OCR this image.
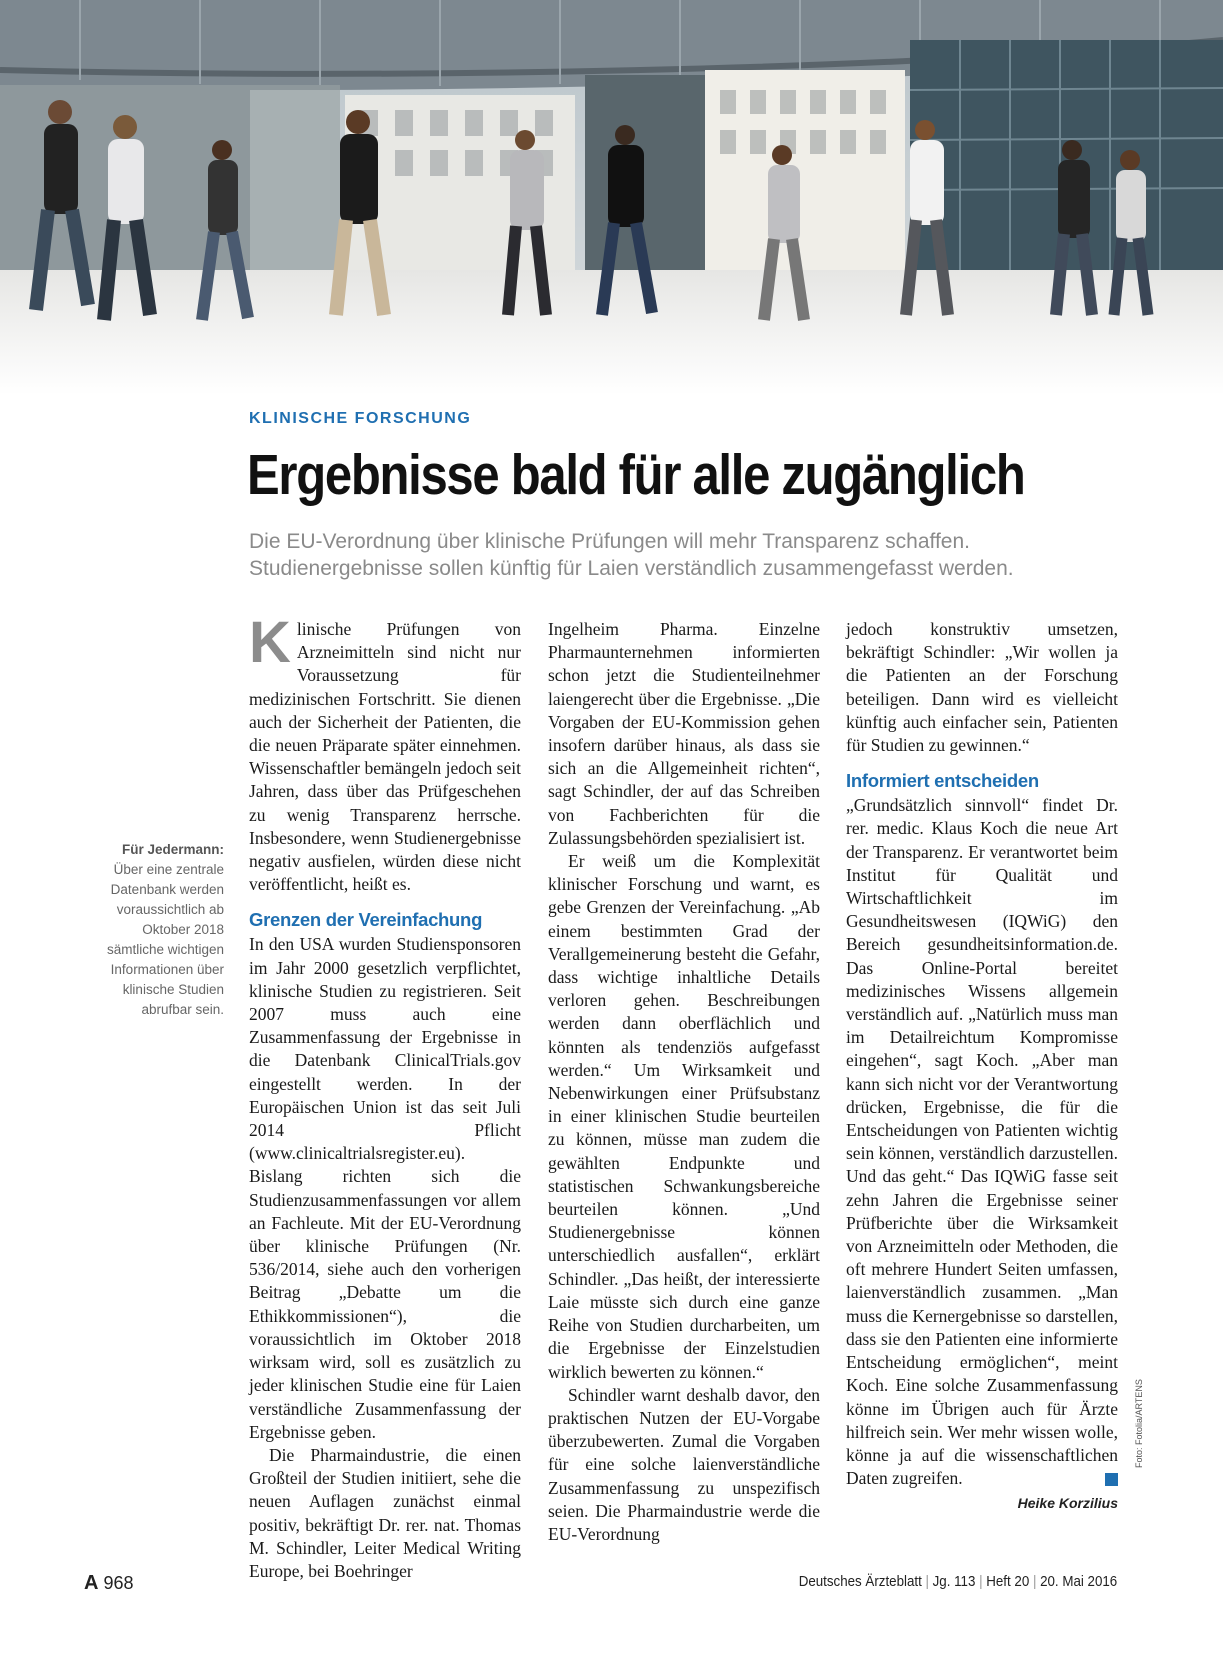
KLINISCHE FORSCHUNG
Ergebnisse bald für alle zugänglich
Die EU-Verordnung über klinische Prüfungen will mehr Transparenz schaffen.
Studienergebnisse sollen künftig für Laien verständlich zusammengefasst werden.
Für Jedermann: Über eine zentrale Datenbank werden voraussichtlich ab Oktober 2018 sämtliche wichtigen Informationen über klinische Studien abrufbar sein.

Klinische Prüfungen von Arzneimitteln sind nicht nur Voraussetzung für medizinischen Fortschritt. Sie dienen auch der Sicherheit der Patienten, die die neuen Präparate später einnehmen. Wissenschaftler bemängeln jedoch seit Jahren, dass über das Prüfgeschehen zu wenig Transparenz herrsche. Insbesondere, wenn Studienergebnisse negativ ausfielen, würden diese nicht veröffentlicht, heißt es.

Grenzen der Vereinfachung

In den USA wurden Studiensponsoren im Jahr 2000 gesetzlich verpflichtet, klinische Studien zu registrieren. Seit 2007 muss auch eine Zusammenfassung der Ergebnisse in die Datenbank ClinicalTrials.gov eingestellt werden. In der Europäischen Union ist das seit Juli 2014 Pflicht (www.clinicaltrialsregister.eu). Bislang richten sich die Studienzusammenfassungen vor allem an Fachleute. Mit der EU-Verordnung über klinische Prüfungen (Nr. 536/2014, siehe auch den vorherigen Beitrag „Debatte um die Ethikkommissionen“), die voraussichtlich im Oktober 2018 wirksam wird, soll es zusätzlich zu jeder klinischen Studie eine für Laien verständliche Zusammenfassung der Ergebnisse geben.

Die Pharmaindustrie, die einen Großteil der Studien initiiert, sehe die neuen Auflagen zunächst einmal positiv, bekräftigt Dr. rer. nat. Thomas M. Schindler, Leiter Medical Writing Europe, bei Boehringer

Ingelheim Pharma. Einzelne Pharmaunternehmen informierten schon jetzt die Studienteilnehmer laiengerecht über die Ergebnisse. „Die Vorgaben der EU-Kommission gehen insofern darüber hinaus, als dass sie sich an die Allgemeinheit richten“, sagt Schindler, der auf das Schreiben von Fachberichten für die Zulassungsbehörden spezialisiert ist.

Er weiß um die Komplexität klinischer Forschung und warnt, es gebe Grenzen der Vereinfachung. „Ab einem bestimmten Grad der Verallgemeinerung besteht die Gefahr, dass wichtige inhaltliche Details verloren gehen. Beschreibungen werden dann oberflächlich und könnten als tendenziös aufgefasst werden.“ Um Wirksamkeit und Nebenwirkungen einer Prüfsubstanz in einer klinischen Studie beurteilen zu können, müsse man zudem die gewählten Endpunkte und statistischen Schwankungsbereiche beurteilen können. „Und Studienergebnisse können unterschiedlich ausfallen“, erklärt Schindler. „Das heißt, der interessierte Laie müsste sich durch eine ganze Reihe von Studien durcharbeiten, um die Ergebnisse der Einzelstudien wirklich bewerten zu können.“

Schindler warnt deshalb davor, den praktischen Nutzen der EU-Vorgabe überzubewerten. Zumal die Vorgaben für eine solche laienverständliche Zusammenfassung zu unspezifisch seien. Die Pharmaindustrie werde die EU-Verordnung

jedoch konstruktiv umsetzen, bekräftigt Schindler: „Wir wollen ja die Patienten an der Forschung beteiligen. Dann wird es vielleicht künftig auch einfacher sein, Patienten für Studien zu gewinnen.“

Informiert entscheiden

„Grundsätzlich sinnvoll“ findet Dr. rer. medic. Klaus Koch die neue Art der Transparenz. Er verantwortet beim Institut für Qualität und Wirtschaftlichkeit im Gesundheitswesen (IQWiG) den Bereich gesundheitsinformation.de. Das Online-Portal bereitet medizinisches Wissens allgemein verständlich auf. „Natürlich muss man im Detailreichtum Kompromisse eingehen“, sagt Koch. „Aber man kann sich nicht vor der Verantwortung drücken, Ergebnisse, die für die Entscheidungen von Patienten wichtig sein können, verständlich darzustellen. Und das geht.“ Das IQWiG fasse seit zehn Jahren die Ergebnisse seiner Prüfberichte über die Wirksamkeit von Arzneimitteln oder Methoden, die oft mehrere Hundert Seiten umfassen, laienverständlich zusammen. „Man muss die Kernergebnisse so darstellen, dass sie den Patienten eine informierte Entscheidung ermöglichen“, meint Koch. Eine solche Zusammenfassung könne im Übrigen auch für Ärzte hilfreich sein. Wer mehr wissen wolle, könne ja auf die wissenschaftlichen Daten zugreifen.

Heike Korzilius
Foto: Fotolia/ARTENS
A 968	Deutsches Ärzteblatt | Jg. 113 | Heft 20 | 20. Mai 2016
